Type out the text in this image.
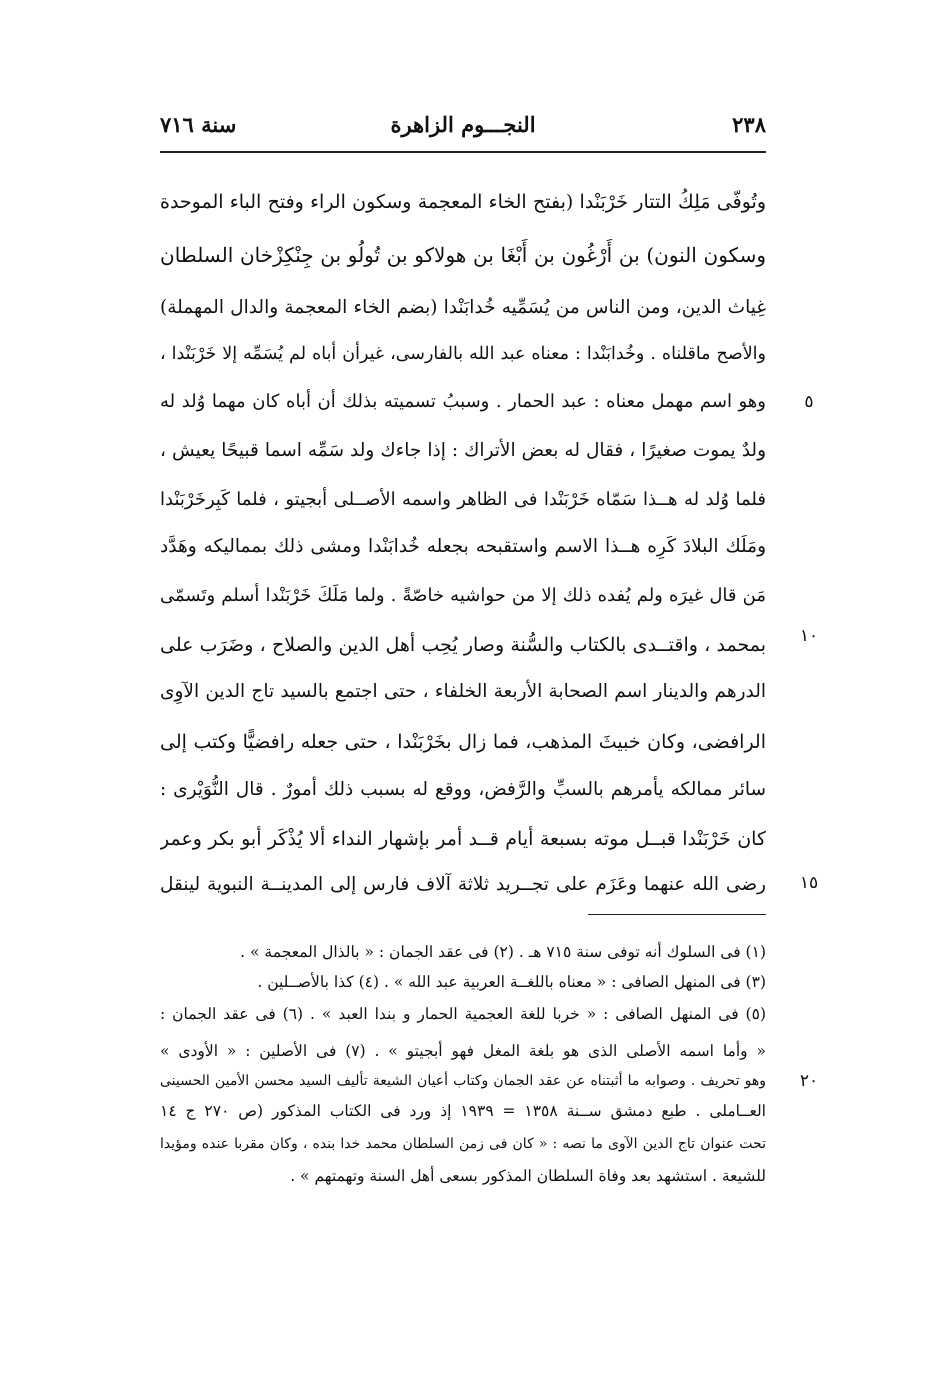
النجـــوم الزاهرة
سنة ٧١٦	٢٣٨
وتُوفّى مَلِكُ التتار خَرْبَنْدا (بفتح الخاء المعجمة وسكون الراء وفتح الباء الموحدة
وسكون النون) بن أَرْغُون بن أَبْغَا بن هولاكو بن تُولُو بن جِنْكِزْخان السلطان
غِياث الدين، ومن الناس من يُسَمِّيه خُدابَنْدا (بضم الخاء المعجمة والدال المهملة)
والأصح ماقلناه . وخُدابَنْدا : معناه عبد الله بالفارسى، غيرأن أباه لم يُسَمِّه إلا خَرْبَنْدا ،
وهو اسم مهمل معناه : عبد الحمار . وسببُ تسميته بذلك أن أباه كان مهما وُلد له
ولدٌ يموت صغيرًا ، فقال له بعض الأتراك : إذا جاءك ولد سَمِّه اسما قبيحًا يعيش ،
فلما وُلد له هــذا سَمّاه خَرْبَنْدا فى الظاهر واسمه الأصــلى أبجيتو ، فلما كَبِرخَرْبَنْدا
ومَلَك البلادَ كَرِه هــذا الاسم واستقبحه بجعله خُدابَنْدا ومشى ذلك بمماليكه وهَدَّد
مَن قال غيرَه ولم يُفده ذلك إلا من حواشيه خاصّةً . ولما مَلَكَ خَرْبَنْدا أسلم وتَسمّى
بمحمد ، واقتــدى بالكتاب والسُّنة وصار يُحِب أهل الدين والصلاح ، وضَرَب على
الدرهم والدينار اسم الصحابة الأربعة الخلفاء ، حتى اجتمع بالسيد تاج الدين الآوِى
الرافضى، وكان خبيثَ المذهب، فما زال بخَرْبَنْدا ، حتى جعله رافضيًّا وكتب إلى
سائر ممالكه يأمرهم بالسبِّ والرَّفض، ووقع له بسبب ذلك أمورٌ . قال النُّوَيْرى :
كان خَرْبَنْدا قبــل موته بسبعة أيام قــد أمر بإشهار النداء ألا يُذْكَر أبو بكر وعمر
رضى الله عنهما وعَزَم على تجــريد ثلاثة آلاف فارس إلى المدينــة النبوية لينقل
٥
١٠
١٥
(١) فى السلوك أنه توفى سنة ٧١٥ هـ . (٢) فى عقد الجمان : « بالذال المعجمة » .
(٣) فى المنهل الصافى : « معناه باللغــة العربية عبد الله » . (٤) كذا بالأصــلين .
(٥) فى المنهل الصافى : « خربا للغة العجمية الحمار و بندا العبد » . (٦) فى عقد الجمان :
« وأما اسمه الأصلى الذى هو بلغة المغل فهو أبجيتو » . (٧) فى الأصلين : « الأودى »
وهو تحريف . وصوابه ما أثبتناه عن عقد الجمان وكتاب أعيان الشيعة تأليف السيد محسن الأمين الحسينى
العــاملى . طبع دمشق ســنة ١٣٥٨ = ١٩٣٩ إذ ورد فى الكتاب المذكور (ص ٢٧٠ ج ١٤
تحت عنوان تاج الدين الآوى ما نصه : « كان فى زمن السلطان محمد خدا بنده ، وكان مقربا عنده ومؤيدا
للشيعة . استشهد بعد وفاة السلطان المذكور بسعى أهل السنة وتهمتهم » .
٢٠
